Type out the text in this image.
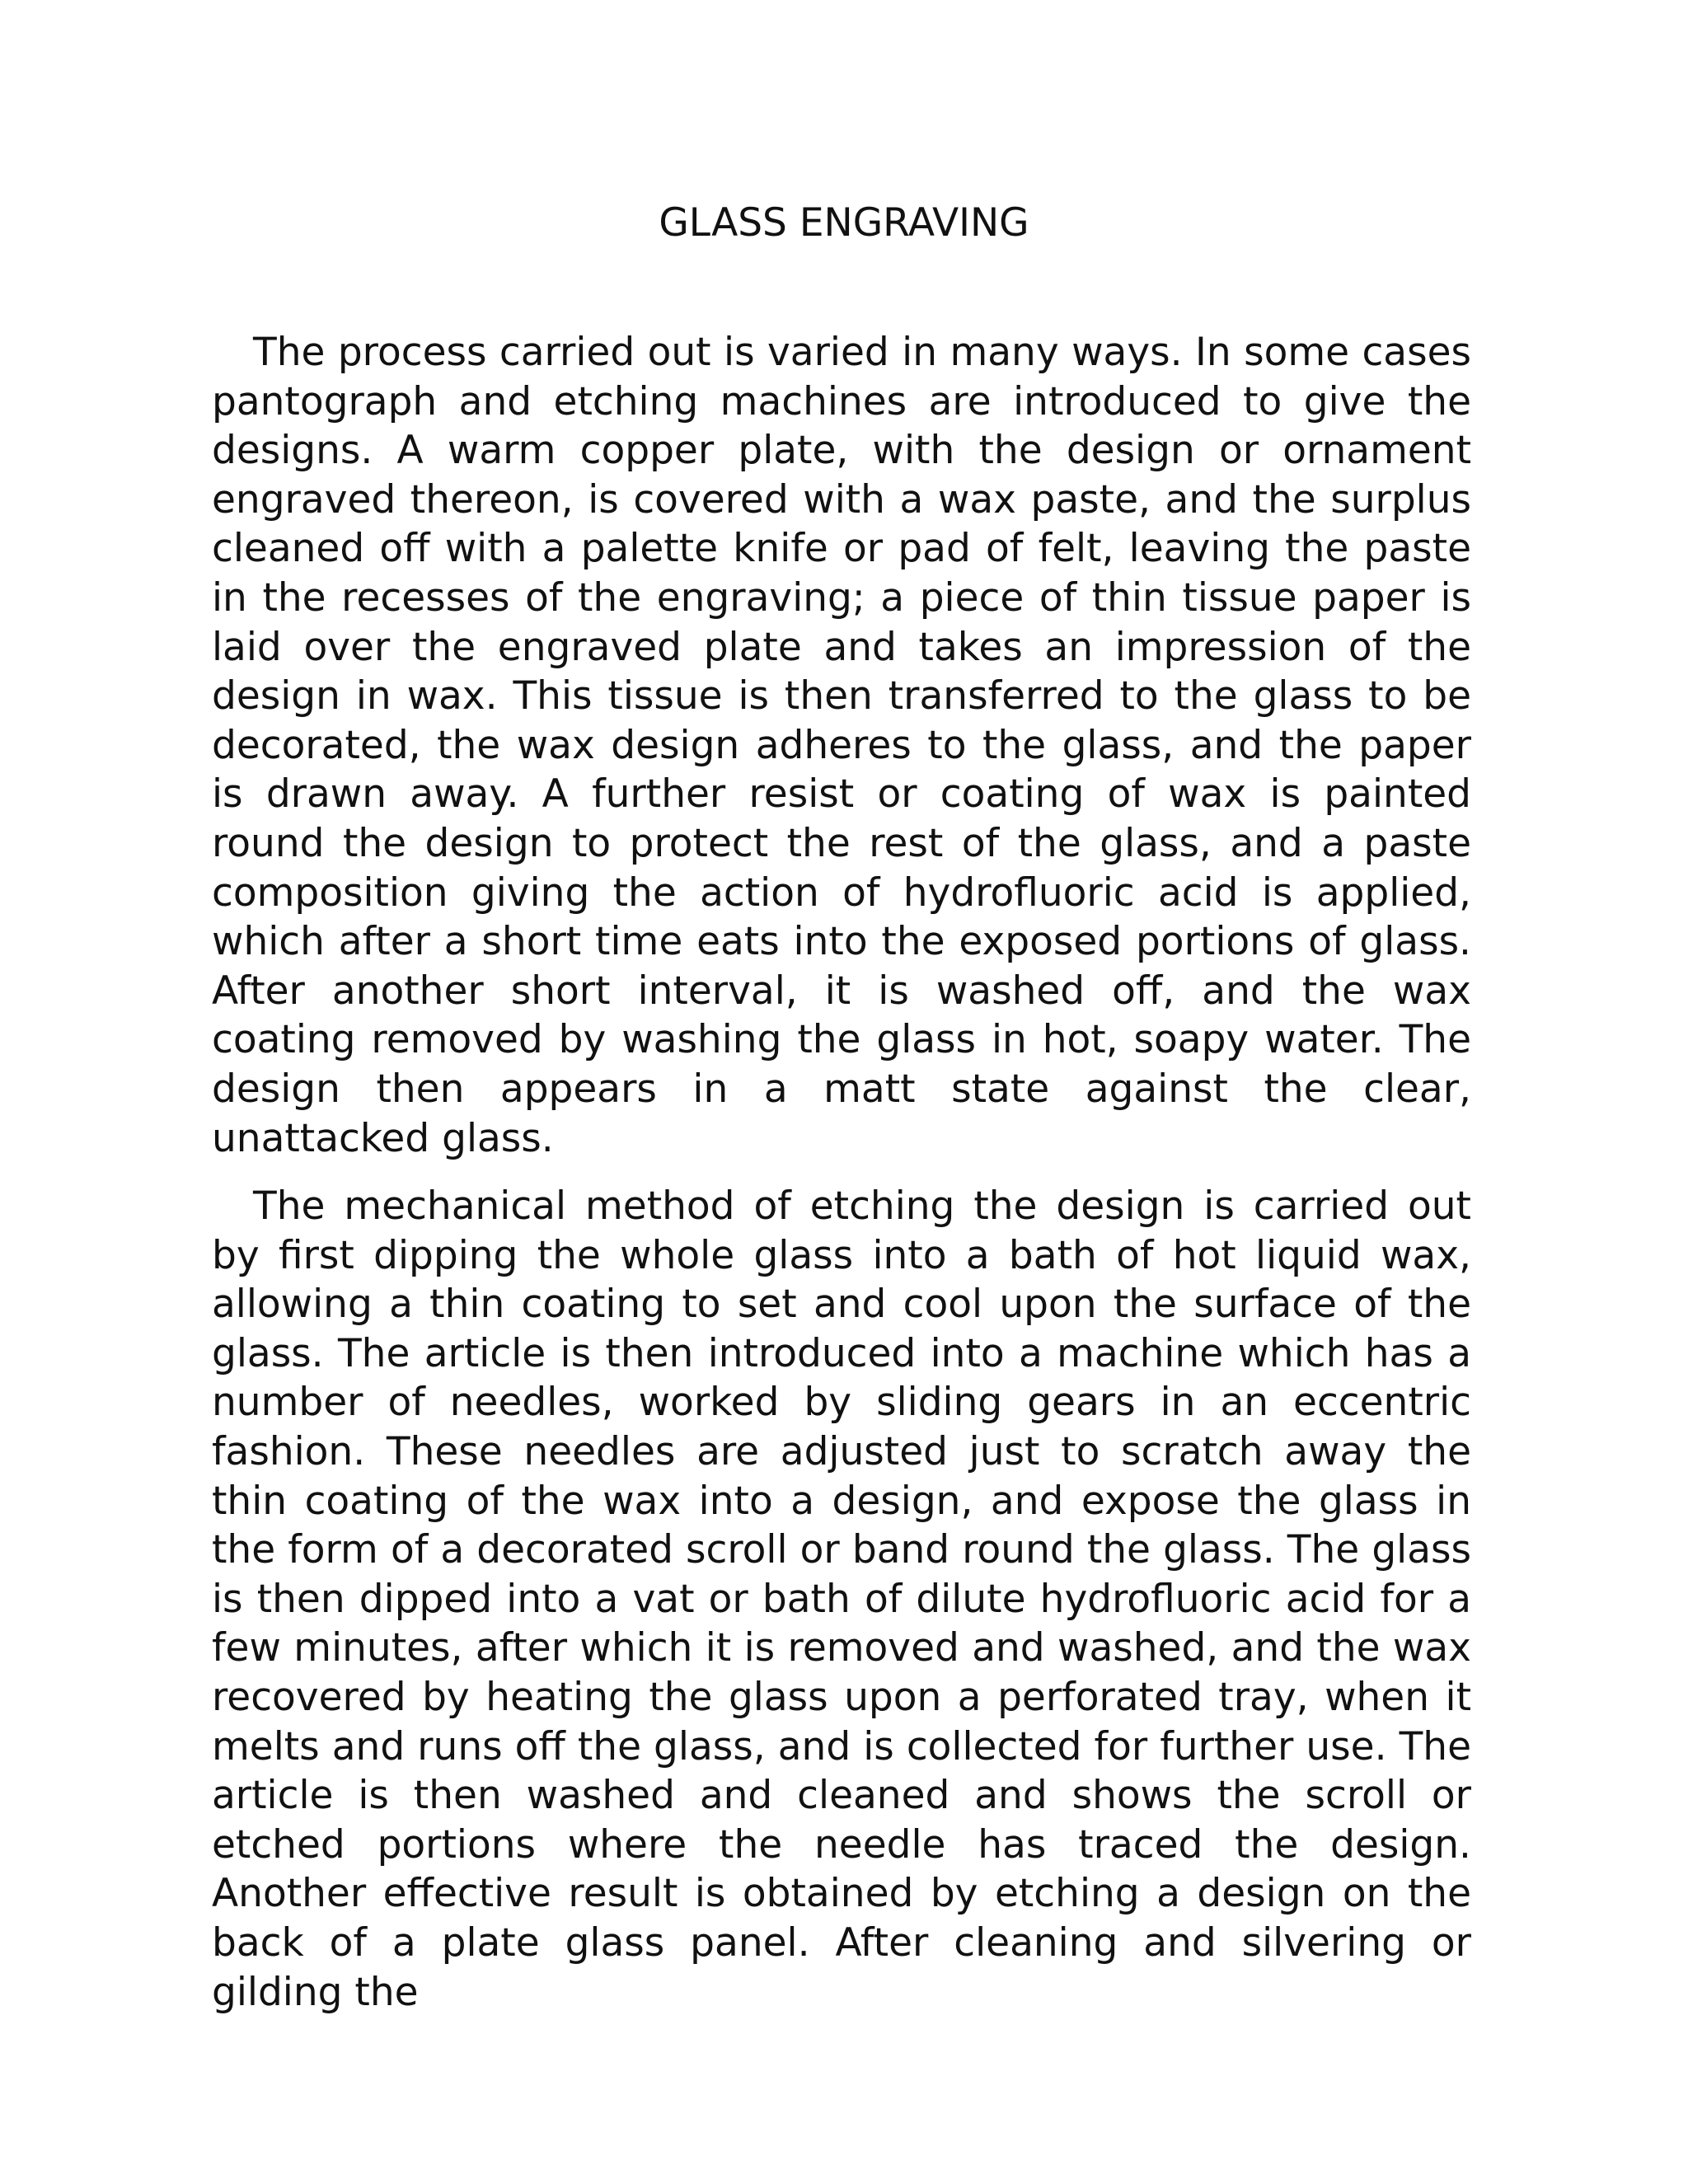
GLASS ENGRAVING

The process carried out is varied in many ways. In some cases pantograph and etching machines are introduced to give the designs. A warm copper plate, with the design or ornament engraved thereon, is covered with a wax paste, and the surplus cleaned off with a palette knife or pad of felt, leaving the paste in the recesses of the engraving; a piece of thin tissue paper is laid over the engraved plate and takes an impression of the design in wax. This tissue is then transferred to the glass to be decorated, the wax design adheres to the glass, and the paper is drawn away. A further resist or coating of wax is painted round the design to protect the rest of the glass, and a paste composition giving the action of hydrofluoric acid is applied, which after a short time eats into the exposed portions of glass. After another short interval, it is washed off, and the wax coating removed by washing the glass in hot, soapy water. The design then appears in a matt state against the clear, unattacked glass.

The mechanical method of etching the design is carried out by first dipping the whole glass into a bath of hot liquid wax, allowing a thin coating to set and cool upon the surface of the glass. The article is then introduced into a machine which has a number of needles, worked by sliding gears in an eccentric fashion. These needles are adjusted just to scratch away the thin coating of the wax into a design, and expose the glass in the form of a decorated scroll or band round the glass. The glass is then dipped into a vat or bath of dilute hydrofluoric acid for a few minutes, after which it is removed and washed, and the wax recovered by heating the glass upon a perforated tray, when it melts and runs off the glass, and is collected for further use. The article is then washed and cleaned and shows the scroll or etched portions where the needle has traced the design. Another effective result is obtained by etching a design on the back of a plate glass panel. After cleaning and silvering or gilding the
